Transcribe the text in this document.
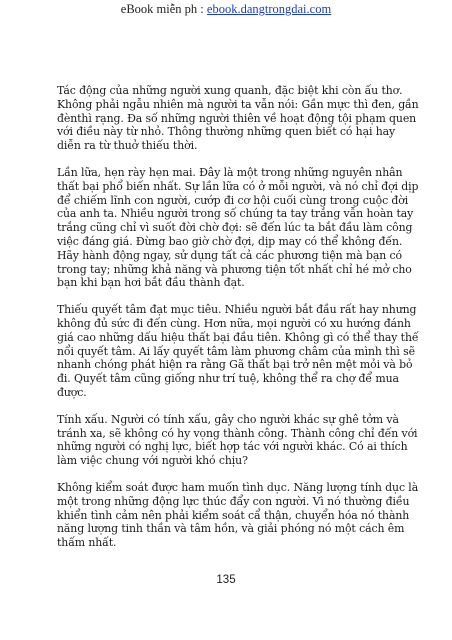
eBook miễn ph : ebook.dangtrongdai.com

Tác động của những người xung quanh, đặc biệt khi còn ấu thơ.
Không phải ngẫu nhiên mà người ta vẫn nói: Gần mực thì đen, gần
đènthì rạng. Đa số những người thiên về hoạt động tội phạm quen
với điều này từ nhỏ. Thông thường những quen biết có hại hay
diễn ra từ thuở thiếu thời.

Lần lữa, hẹn rày hẹn mai. Đây là một trong những nguyên nhân
thất bại phổ biến nhất. Sự lần lữa có ở mỗi người, và nó chỉ đợi dịp
để chiếm lĩnh con người, cướp đi cơ hội cuối cùng trong cuộc đời
của anh ta. Nhiều người trong số chúng ta tay trắng vẫn hoàn tay
trắng cũng chỉ vì suốt đời chờ đợi: sẽ đến lúc ta bắt đầu làm công
việc đáng giá. Đừng bao giờ chờ đợi, dịp may có thể không đến.
Hãy hành động ngay, sử dụng tất cả các phương tiện mà bạn có
trong tay; những khả năng và phương tiện tốt nhất chỉ hé mở cho
bạn khi bạn hơi bắt đầu thành đạt.

Thiếu quyết tâm đạt mục tiêu. Nhiều người bắt đầu rất hay nhưng
không đủ sức đi đến cùng. Hơn nữa, mọi người có xu hướng đánh
giá cao những dấu hiệu thất bại đầu tiên. Không gì có thể thay thế
nổi quyết tâm. Ai lấy quyết tâm làm phương châm của mình thì sẽ
nhanh chóng phát hiện ra rằng Gã thất bại trở nên mệt mỏi và bỏ
đi. Quyết tâm cũng giống như trí tuệ, không thể ra chợ để mua
được.

Tính xấu. Người có tính xấu, gây cho người khác sự ghê tởm và
tránh xa, sẽ không có hy vọng thành công. Thành công chỉ đến với
những người có nghị lực, biết hợp tác với người khác. Có ai thích
làm việc chung với người khó chịu?

Không kiểm soát được ham muốn tình dục. Năng lượng tính dục là
một trong những động lực thúc đẩy con người. Vì nó thường điều
khiển tình cảm nên phải kiểm soát cẩ thận, chuyển hóa nó thành
năng lượng tinh thần và tâm hồn, và giải phóng nó một cách êm
thấm nhất.

135
